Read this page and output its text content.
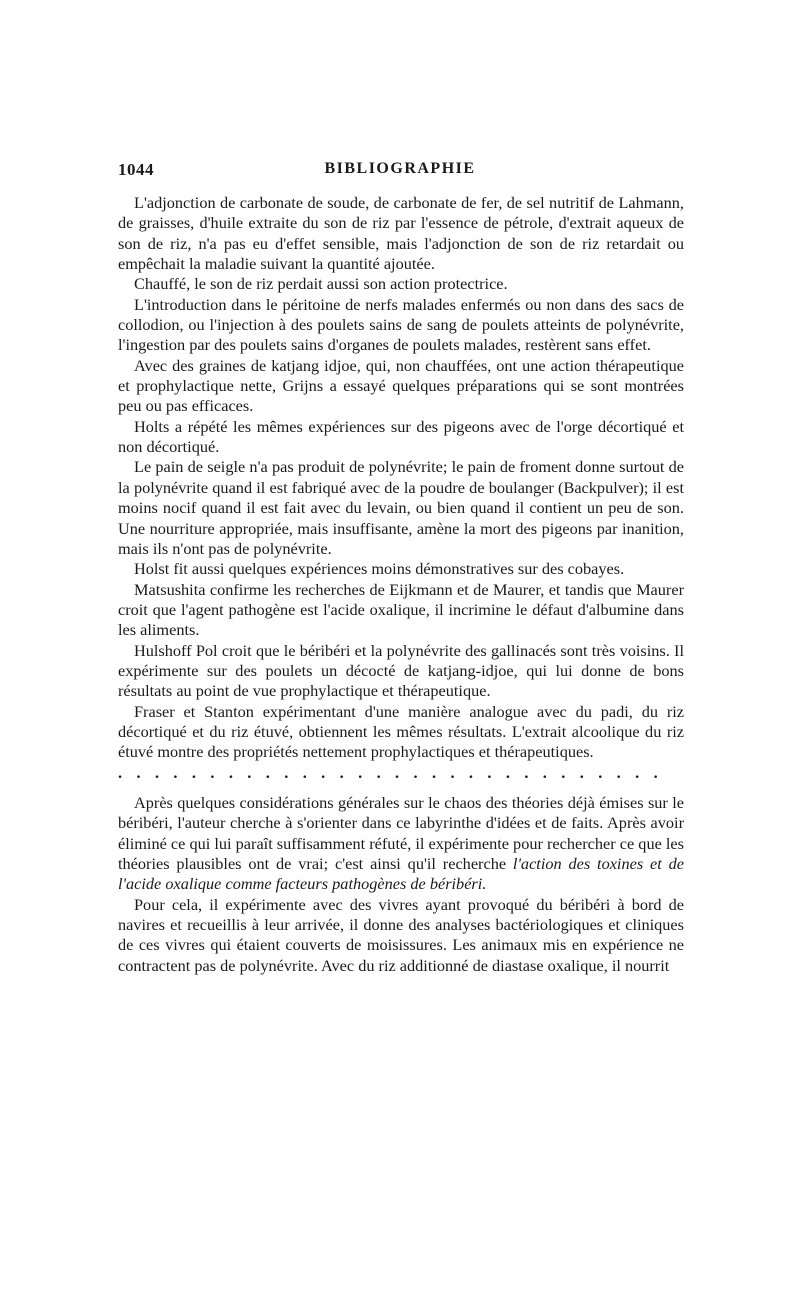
1044	BIBLIOGRAPHIE

L'adjonction de carbonate de soude, de carbonate de fer, de sel nutritif de Lahmann, de graisses, d'huile extraite du son de riz par l'essence de pétrole, d'extrait aqueux de son de riz, n'a pas eu d'effet sensible, mais l'adjonction de son de riz retardait ou empêchait la maladie suivant la quantité ajoutée.

Chauffé, le son de riz perdait aussi son action protectrice.

L'introduction dans le péritoine de nerfs malades enfermés ou non dans des sacs de collodion, ou l'injection à des poulets sains de sang de poulets atteints de polynévrite, l'ingestion par des poulets sains d'organes de poulets malades, restèrent sans effet.

Avec des graines de katjang idjoe, qui, non chauffées, ont une action thérapeutique et prophylactique nette, Grijns a essayé quelques préparations qui se sont montrées peu ou pas efficaces.

Holts a répété les mêmes expériences sur des pigeons avec de l'orge décortiqué et non décortiqué.

Le pain de seigle n'a pas produit de polynévrite; le pain de froment donne surtout de la polynévrite quand il est fabriqué avec de la poudre de boulanger (Backpulver); il est moins nocif quand il est fait avec du levain, ou bien quand il contient un peu de son. Une nourriture appropriée, mais insuffisante, amène la mort des pigeons par inanition, mais ils n'ont pas de polynévrite.

Holst fit aussi quelques expériences moins démonstratives sur des cobayes.

Matsushita confirme les recherches de Eijkmann et de Maurer, et tandis que Maurer croit que l'agent pathogène est l'acide oxalique, il incrimine le défaut d'albumine dans les aliments.

Hulshoff Pol croit que le béribéri et la polynévrite des gallinacés sont très voisins. Il expérimente sur des poulets un décocté de katjang-idjoe, qui lui donne de bons résultats au point de vue prophylactique et thérapeutique.

Fraser et Stanton expérimentant d'une manière analogue avec du padi, du riz décortiqué et du riz étuvé, obtiennent les mêmes résultats. L'extrait alcoolique du riz étuvé montre des propriétés nettement prophylactiques et thérapeutiques.

. . . . . . . . . . . . . . . . . . . . . . . . . . . . . .

Après quelques considérations générales sur le chaos des théories déjà émises sur le béribéri, l'auteur cherche à s'orienter dans ce labyrinthe d'idées et de faits. Après avoir éliminé ce qui lui paraît suffisamment réfuté, il expérimente pour rechercher ce que les théories plausibles ont de vrai; c'est ainsi qu'il recherche l'action des toxines et de l'acide oxalique comme facteurs pathogènes de béribéri.

Pour cela, il expérimente avec des vivres ayant provoqué du béribéri à bord de navires et recueillis à leur arrivée, il donne des analyses bactériologiques et cliniques de ces vivres qui étaient couverts de moisissures. Les animaux mis en expérience ne contractent pas de polynévrite. Avec du riz additionné de diastase oxalique, il nourrit
